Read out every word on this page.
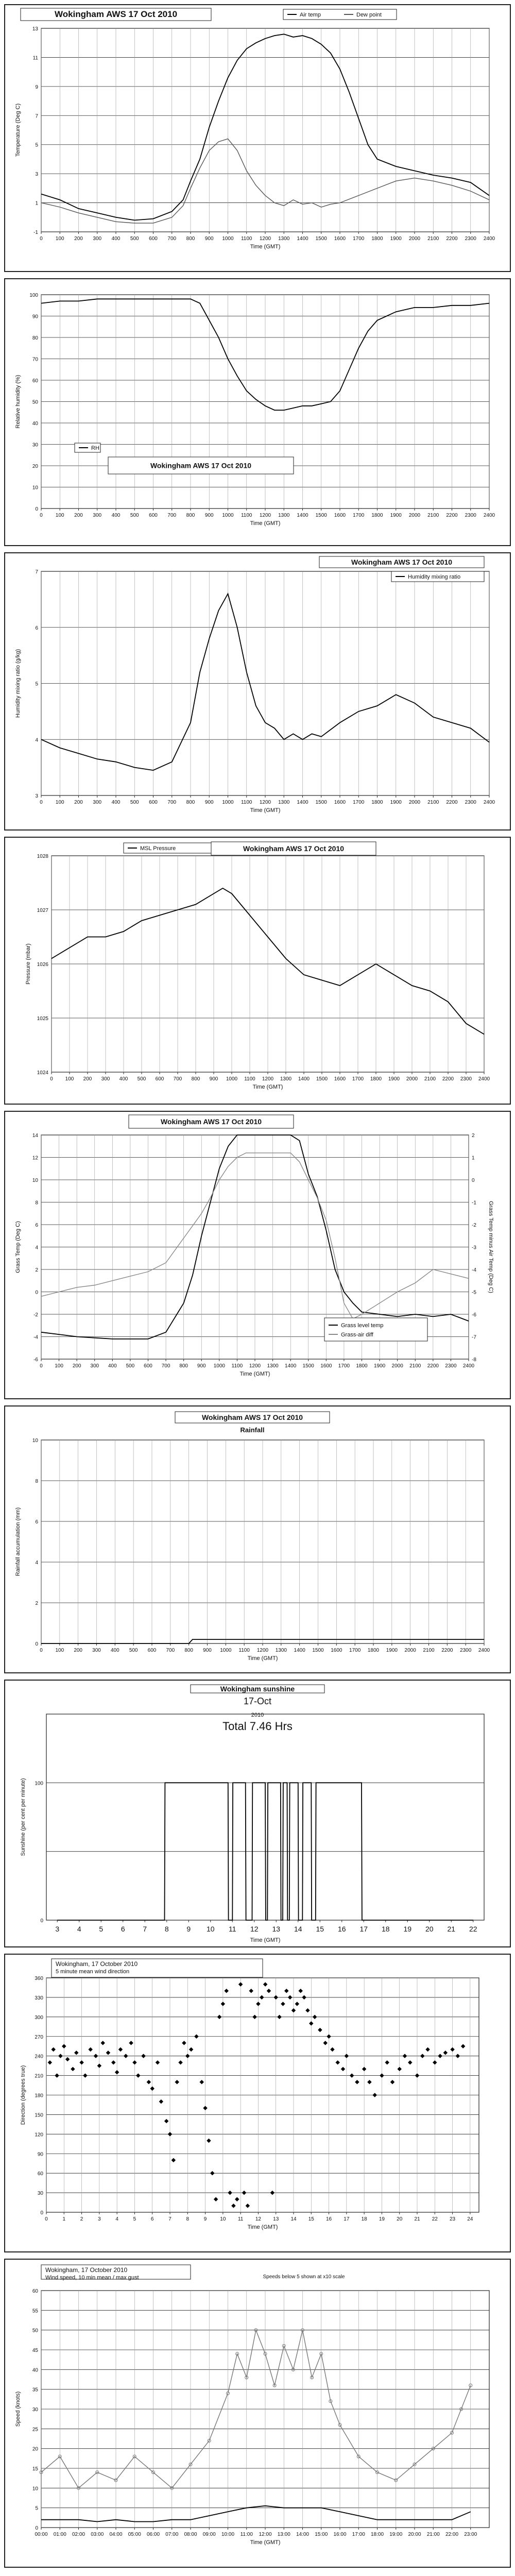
-1
1
3
5
7
9
11
13
0	100 200 300 400 500 600 700 800 900 1000 1100 1200 1300 1400 1500 1600 1700 1800 1900 2000 2100 2200 2300 2400
Time (GMT)
Temperature (Deg C)
Wokingham AWS 17 Oct 2010	Air temp	Dew point
0
10
20
30
40
50
60
70
80
90
100
0	100 200 300 400 500 600 700 800 900 1000 1100 1200 1300 1400 1500 1600 1700 1800 1900 2000 2100 2200 2300 2400
Time (GMT)
Relative humidity (%)
Wokingham AWS 17 Oct 2010
RH
3
4
5
6
7
0	100 200 300 400 500 600 700 800 900 1000 1100 1200 1300 1400 1500 1600 1700 1800 1900 2000 2100 2200 2300 2400
Time (GMT)
Humidity mixing ratio (g/kg)
Wokingham AWS 17 Oct 2010
Humidity mixing ratio
1024
1025
1026
1027
1028
0 100 200 300 400 500 600 700 800 900 1000 1100 1200 1300 1400 1500 1600 1700 1800 1900 2000 2100 2200 2300 2400
Time (GMT)
Pressure (mbar)
Wokingham AWS 17 Oct 2010
MSL Pressure
-6
-4
-2
0
2
4
6
8
10
12
14
-8
-7
-6
-5
-4
-3
-2
-1
0
1
2
0 100 200 300 400 500 600 700 800 900 1000 1100 1200 1300 1400 1500 1600 1700 1800 1900 2000 2100 2200 2300 2400
Time (GMT)
Grass Temp (Deg C)	Grass Temp minus Air Temp (Deg C)
Wokingham AWS 17 Oct 2010
Grass level temp
Grass-air diff
0
2
4
6
8
10
0 100 200 300 400 500 600 700 800 900 1000 1100 1200 1300 1400 1500 1600 1700 1800 1900 2000 2100 2200 2300 2400
Time (GMT)
Rainfall accumulation (mm)
Wokingham AWS 17 Oct 2010
Rainfall
0
100
3 4 5 6 7 8 9 10 11 12 13 14 15 16 17 18 19 20 21 22
Time (GMT)
Sunshine (per cent per minute)
Wokingham sunshine
17-Oct
2010
Total 7.46 Hrs
0
30
60
90
120
150
180
210
240
270
300
330
360
0	1	2	3	4	5	6	7	8	9	10 11 12 13 14 15 16 17 18 19 20 21 22 23 24
Time (GMT)
Direction (degrees true)
Wokingham, 17 October 2010
5 minute mean wind direction
0
5
10
15
20
25
30
35
40
45
50
55
60
00:00 01:00 02:00 03:00 04:00 05:00 06:00 07:00 08:00 09:00 10:00 11:00 12:00 13:00 14:00 15:00 16:00 17:00 18:00 19:00 20:00 21:00 22:00 23:00
Time (GMT)
Speed (knots)
Wokingham, 17 October 2010
Wind speed, 10 min mean / max gust	Speeds below 5 shown at x10 scale
